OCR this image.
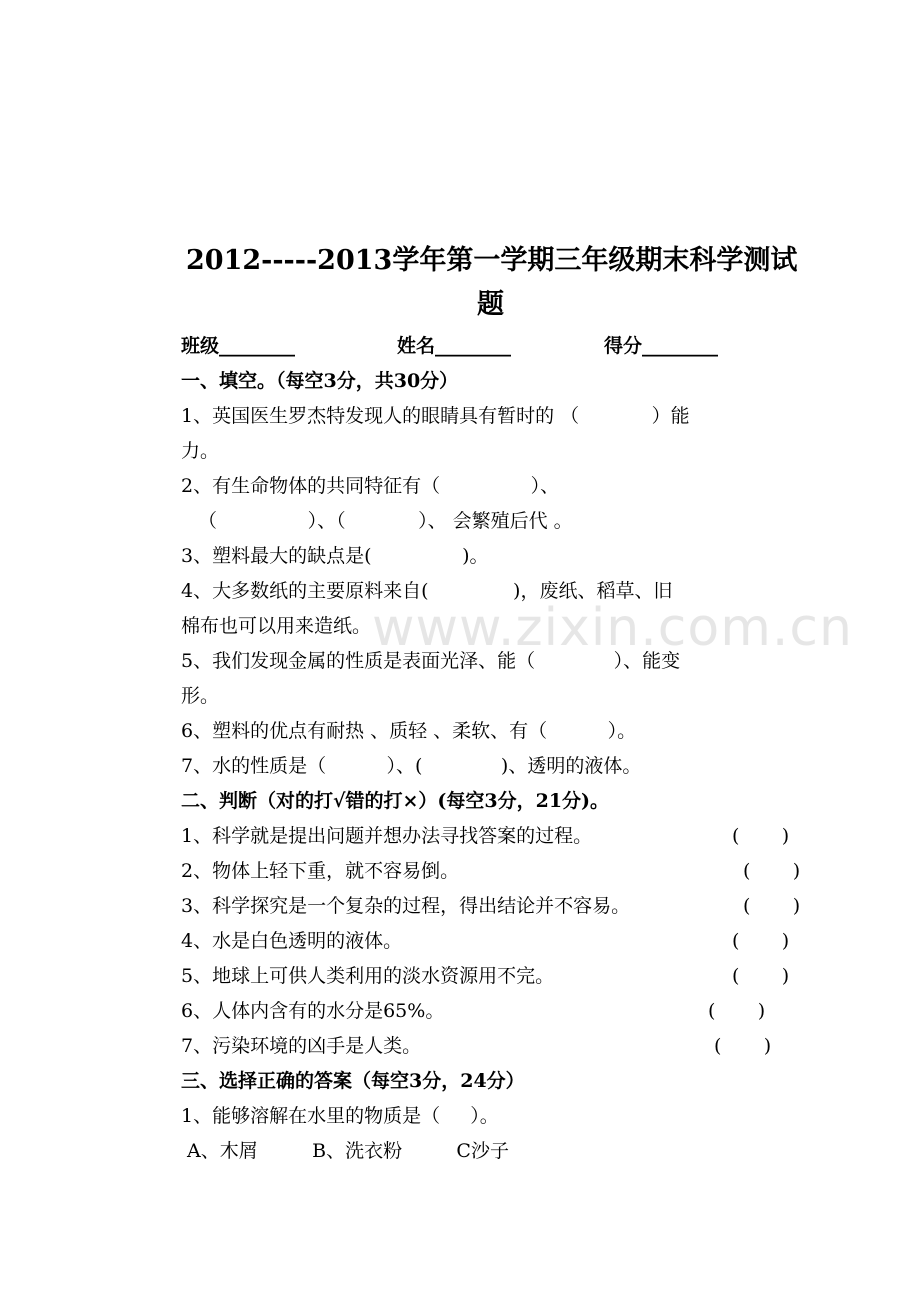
www.zixin.com.cn
2012-----2013学年第一学期三年级期末科学测试
题
班级________	姓名________	得分________
一、填空。（每空3分，共30分）
1、英国医生罗杰特发现人的眼睛具有暂时的 （            ）能
力。
2、有生命物体的共同特征有（               ）、
（               ）、（            ）、 会繁殖后代 。
3、塑料最大的缺点是(               )。
4、大多数纸的主要原料来自(              )，废纸、稻草、旧
棉布也可以用来造纸。
5、我们发现金属的性质是表面光泽、能（             ）、能变
形。
6、塑料的优点有耐热 、质轻 、柔软、有（          ）。
7、水的性质是（          ）、(             )、透明的液体。
二、判断（对的打√错的打×）(每空3分，21分)。
1、科学就是提出问题并想办法寻找答案的过程。	(       )
2、物体上轻下重，就不容易倒。	(       )
3、科学探究是一个复杂的过程，得出结论并不容易。	(       )
4、水是白色透明的液体。	(       )
5、地球上可供人类利用的淡水资源用不完。	(       )
6、人体内含有的水分是65%。	(       )
7、污染环境的凶手是人类。	(       )
三、选择正确的答案（每空3分，24分）
1、能够溶解在水里的物质是（     ）。
A、木屑         B、洗衣粉         C沙子
